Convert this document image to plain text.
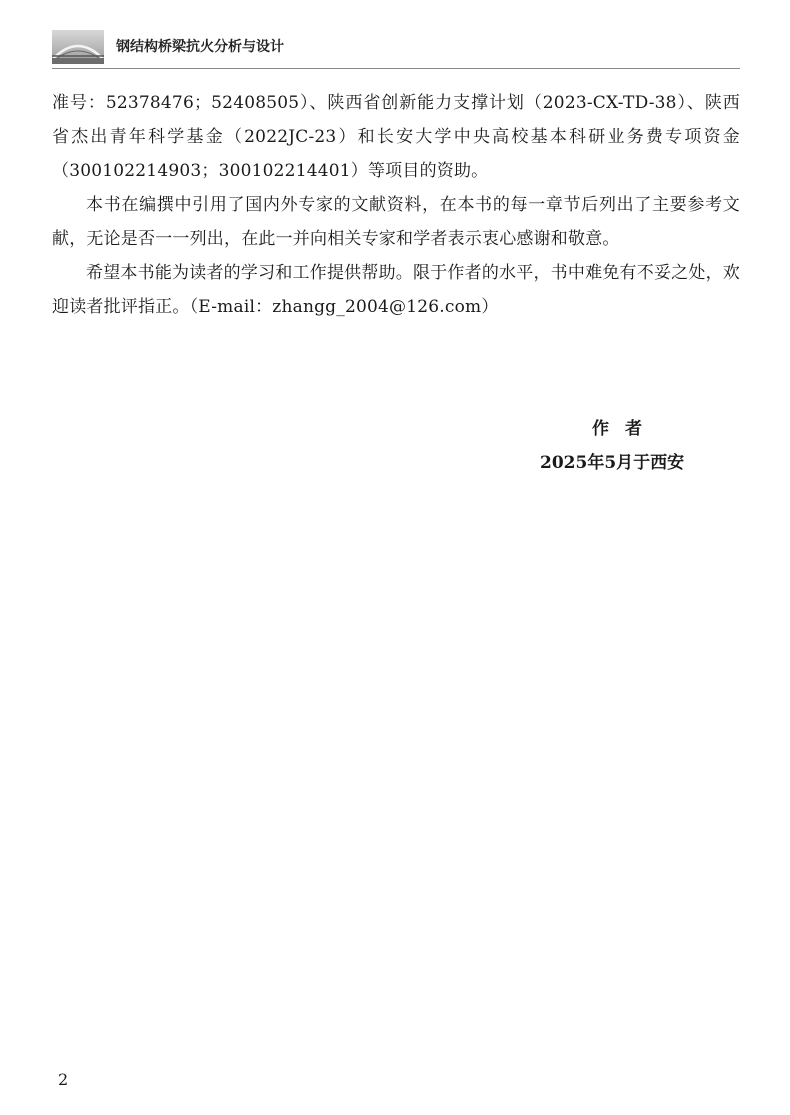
钢结构桥梁抗火分析与设计

准号：52378476；52408505）、陕西省创新能力支撑计划（2023-CX-TD-38）、陕西省杰出青年科学基金（2022JC-23）和长安大学中央高校基本科研业务费专项资金（300102214903；300102214401）等项目的资助。

本书在编撰中引用了国内外专家的文献资料，在本书的每一章节后列出了主要参考文献，无论是否一一列出，在此一并向相关专家和学者表示衷心感谢和敬意。

希望本书能为读者的学习和工作提供帮助。限于作者的水平，书中难免有不妥之处，欢迎读者批评指正。（E-mail：zhangg_2004@126.com）

作者
2025年5月于西安
2
